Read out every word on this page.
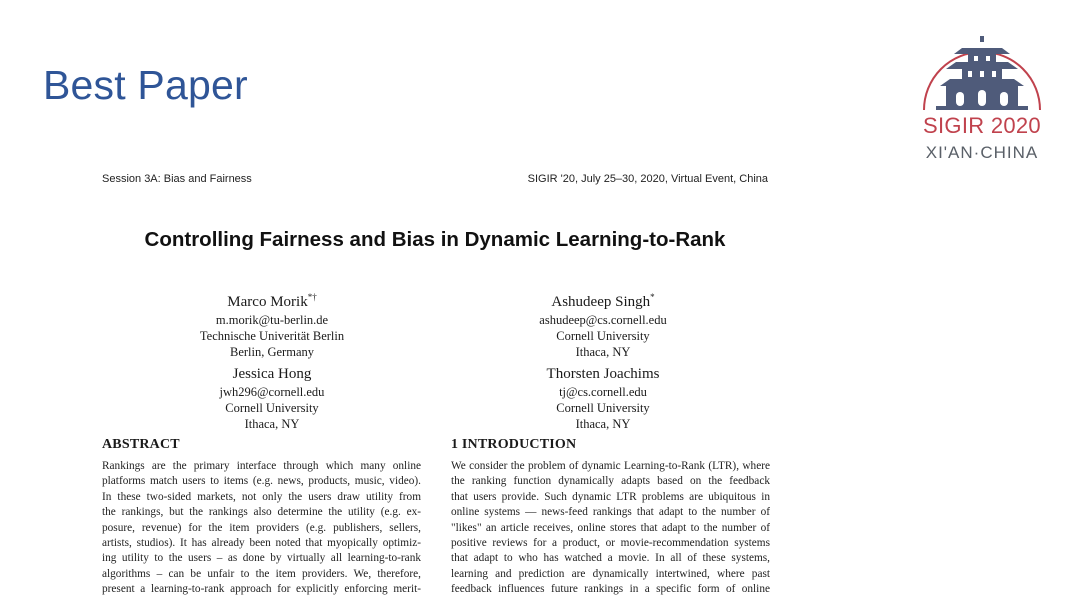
Best Paper
SIGIR 2020
XI'AN·CHINA
Session 3A: Bias and Fairness	SIGIR '20, July 25–30, 2020, Virtual Event, China
Controlling Fairness and Bias in Dynamic Learning-to-Rank
Marco Morik*†
m.morik@tu-berlin.de
Technische Univerität Berlin
Berlin, Germany
Ashudeep Singh*
ashudeep@cs.cornell.edu
Cornell University
Ithaca, NY
Jessica Hong
jwh296@cornell.edu
Cornell University
Ithaca, NY
Thorsten Joachims
tj@cs.cornell.edu
Cornell University
Ithaca, NY
ABSTRACT	1 INTRODUCTION
Rankings are the primary interface through which many online
platforms match users to items (e.g. news, products, music, video).
In these two-sided markets, not only the users draw utility from
the rankings, but the rankings also determine the utility (e.g. ex-
posure, revenue) for the item providers (e.g. publishers, sellers,
artists, studios). It has already been noted that myopically optimiz-
ing utility to the users – as done by virtually all learning-to-rank
algorithms – can be unfair to the item providers. We, therefore,
present a learning-to-rank approach for explicitly enforcing merit-
We consider the problem of dynamic Learning-to-Rank (LTR), where
the ranking function dynamically adapts based on the feedback
that users provide. Such dynamic LTR problems are ubiquitous in
online systems — news-feed rankings that adapt to the number of
"likes" an article receives, online stores that adapt to the number of
positive reviews for a product, or movie-recommendation systems
that adapt to who has watched a movie. In all of these systems,
learning and prediction are dynamically intertwined, where past
feedback influences future rankings in a specific form of online
